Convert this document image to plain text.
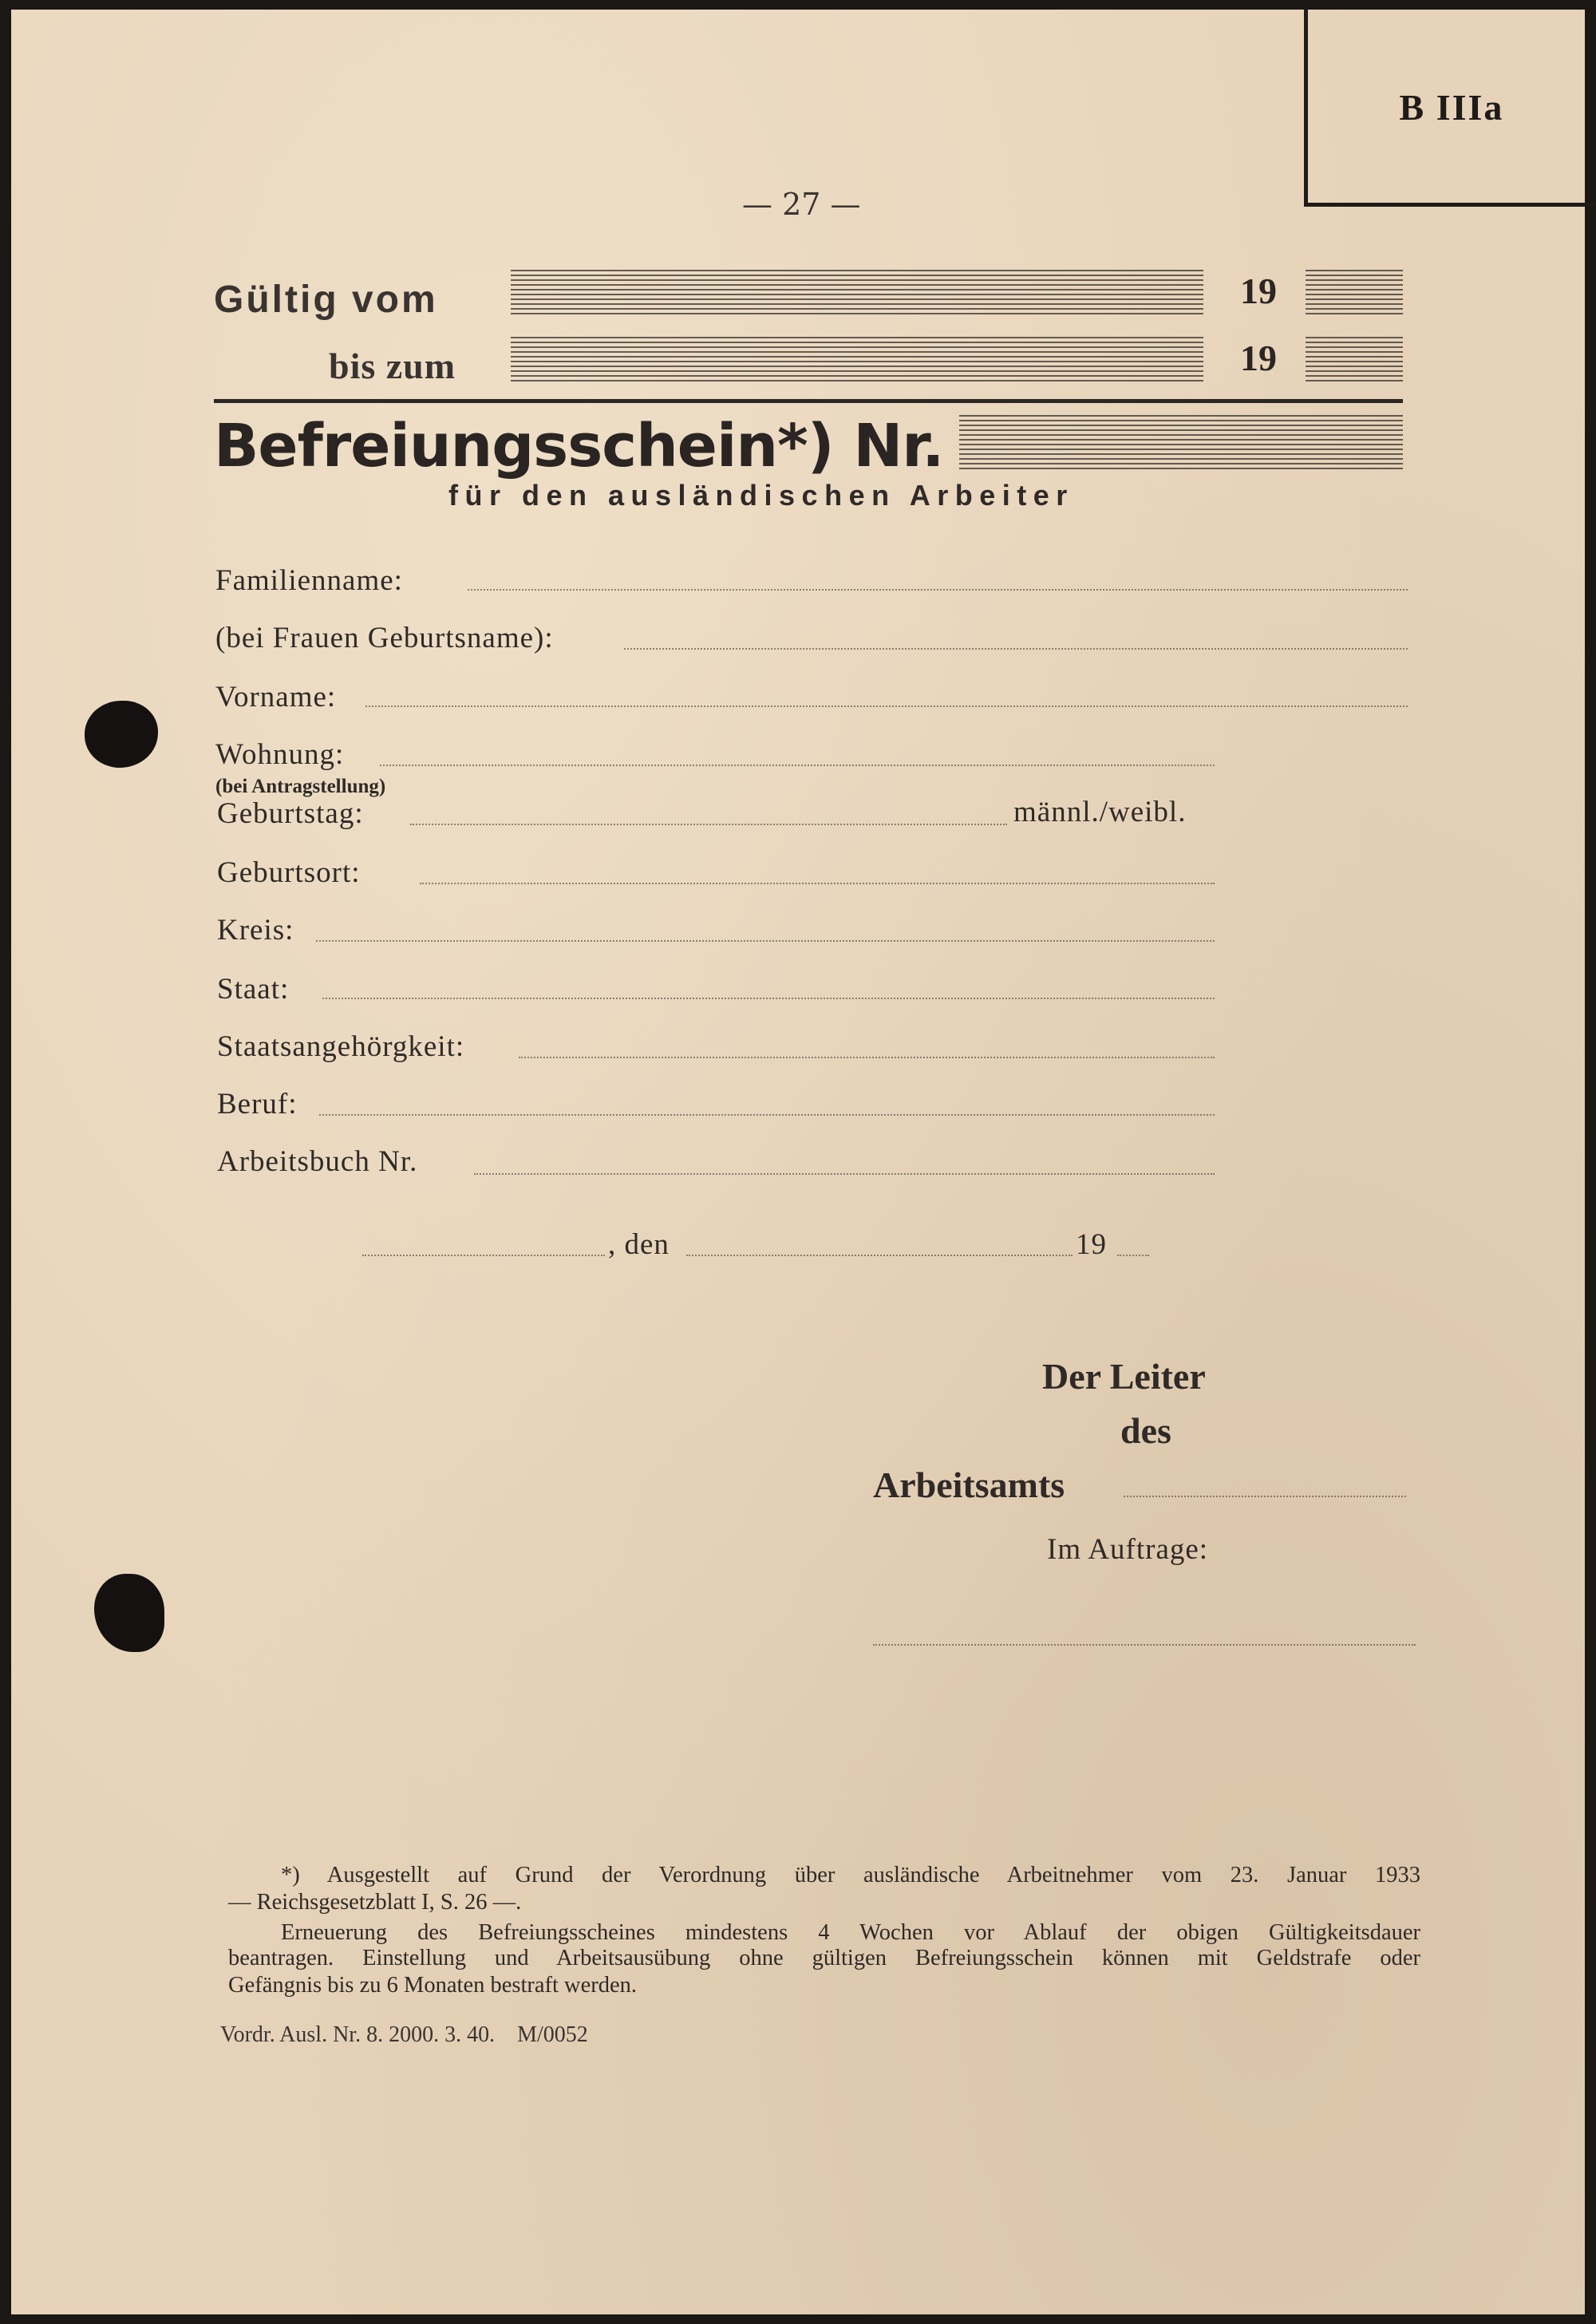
B IIIa
— 27 —
Gültig vom	19
bis zum	19
Befreiungsschein*) Nr.
für den ausländischen Arbeiter
Familienname:
(bei Frauen Geburtsname):
Vorname:
Wohnung:
(bei Antragstellung)
Geburtstag:	männl./weibl.
Geburtsort:
Kreis:
Staat:
Staatsangehörgkeit:
Beruf:
Arbeitsbuch Nr.
, den	19
Der Leiter
des
Arbeitsamts
Im Auftrage:
*) Ausgestellt auf Grund der Verordnung über ausländische Arbeitnehmer vom 23. Januar 1933
— Reichsgesetzblatt I, S. 26 —.
Erneuerung des Befreiungsscheines mindestens 4 Wochen vor Ablauf der obigen Gültigkeitsdauer
beantragen. Einstellung und Arbeitsausübung ohne gültigen Befreiungsschein können mit Geldstrafe oder
Gefängnis bis zu 6 Monaten bestraft werden.
Vordr. Ausl. Nr. 8. 2000. 3. 40.    M/0052
